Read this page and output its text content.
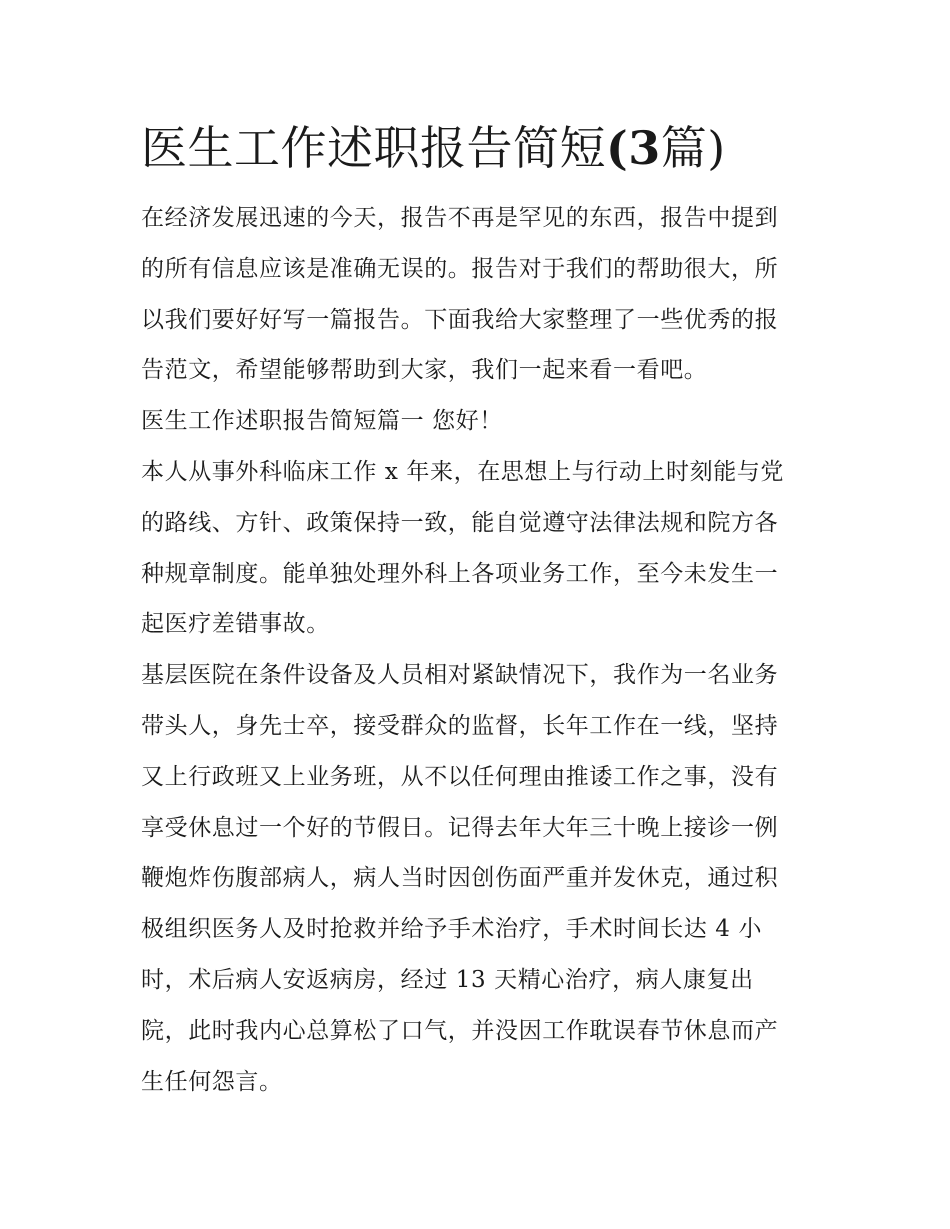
医生工作述职报告简短(3篇)
在经济发展迅速的今天，报告不再是罕见的东西，报告中提到
的所有信息应该是准确无误的。报告对于我们的帮助很大，所
以我们要好好写一篇报告。下面我给大家整理了一些优秀的报
告范文，希望能够帮助到大家，我们一起来看一看吧。
医生工作述职报告简短篇一 您好！
本人从事外科临床工作 x 年来，在思想上与行动上时刻能与党
的路线、方针、政策保持一致，能自觉遵守法律法规和院方各
种规章制度。能单独处理外科上各项业务工作，至今未发生一
起医疗差错事故。
基层医院在条件设备及人员相对紧缺情况下，我作为一名业务
带头人，身先士卒，接受群众的监督，长年工作在一线，坚持
又上行政班又上业务班，从不以任何理由推诿工作之事，没有
享受休息过一个好的节假日。记得去年大年三十晚上接诊一例
鞭炮炸伤腹部病人，病人当时因创伤面严重并发休克，通过积
极组织医务人及时抢救并给予手术治疗，手术时间长达 4 小
时，术后病人安返病房，经过 13 天精心治疗，病人康复出
院，此时我内心总算松了口气，并没因工作耽误春节休息而产
生任何怨言。
